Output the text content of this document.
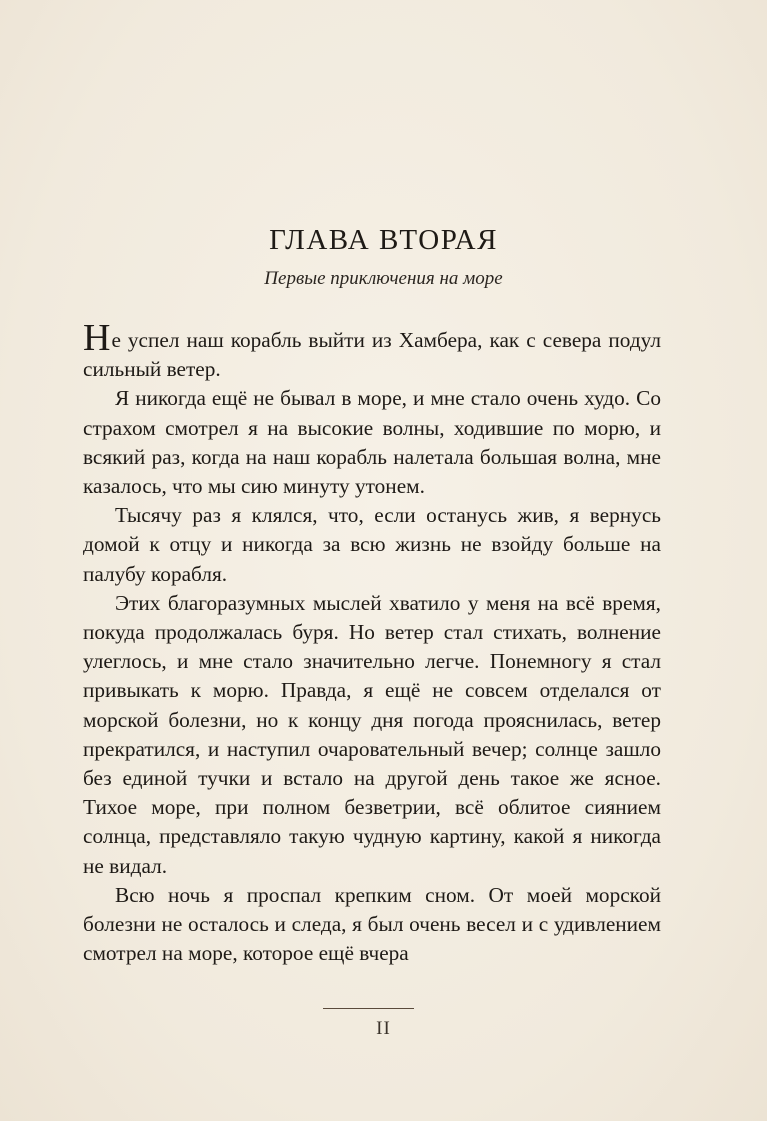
ГЛАВА ВТОРАЯ

Первые приключения на море

Не успел наш корабль выйти из Хамбера, как с севера подул сильный ветер.

Я никогда ещё не бывал в море, и мне стало очень худо. Со страхом смотрел я на высокие волны, ходившие по морю, и всякий раз, когда на наш корабль налетала большая волна, мне казалось, что мы сию минуту утонем.

Тысячу раз я клялся, что, если останусь жив, я вернусь домой к отцу и никогда за всю жизнь не взойду больше на палубу корабля.

Этих благоразумных мыслей хватило у меня на всё время, покуда продолжалась буря. Но ветер стал стихать, волнение улеглось, и мне стало значительно легче. Понемногу я стал привыкать к морю. Правда, я ещё не совсем отделался от морской болезни, но к концу дня погода прояснилась, ветер прекратился, и наступил очаровательный вечер; солнце зашло без единой тучки и встало на другой день такое же ясное. Тихое море, при полном безветрии, всё облитое сиянием солнца, представляло такую чудную картину, какой я никогда не видал.

Всю ночь я проспал крепким сном. От моей морской болезни не осталось и следа, я был очень весел и с удивлением смотрел на море, которое ещё вчера

II
